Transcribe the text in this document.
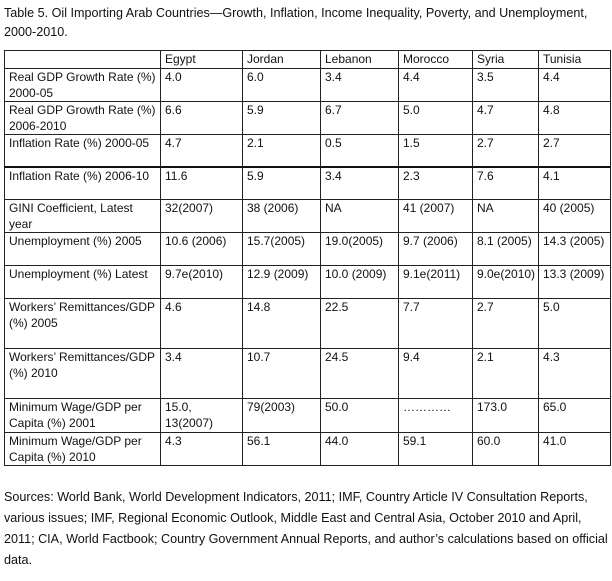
Table 5. Oil Importing Arab Countries—Growth, Inflation, Income Inequality, Poverty, and Unemployment, 2000-2010.
	Egypt	Jordan	Lebanon	Morocco	Syria	Tunisia
Real GDP Growth Rate (%) 2000-05	4.0	6.0	3.4	4.4	3.5	4.4
Real GDP Growth Rate (%) 2006-2010	6.6	5.9	6.7	5.0	4.7	4.8
Inflation Rate (%) 2000-05	4.7	2.1	0.5	1.5	2.7	2.7
Inflation Rate (%) 2006-10	11.6	5.9	3.4	2.3	7.6	4.1
GINI Coefficient, Latest year	32(2007)	38 (2006)	NA	41 (2007)	NA	40 (2005)
Unemployment (%) 2005	10.6 (2006)	15.7(2005)	19.0(2005)	9.7 (2006)	8.1 (2005)	14.3 (2005)
Unemployment (%) Latest	9.7e(2010)	12.9 (2009)	10.0 (2009)	9.1e(2011)	9.0e(2010)	13.3 (2009)
Workers’ Remittances/GDP (%) 2005	4.6	14.8	22.5	7.7	2.7	5.0
Workers’ Remittances/GDP (%) 2010	3.4	10.7	24.5	9.4	2.1	4.3
Minimum Wage/GDP per Capita (%) 2001	15.0, 13(2007)	79(2003)	50.0	…………	173.0	65.0
Minimum Wage/GDP per Capita (%) 2010	4.3	56.1	44.0	59.1	60.0	41.0
Sources: World Bank, World Development Indicators, 2011; IMF, Country Article IV Consultation Reports, various issues; IMF, Regional Economic Outlook, Middle East and Central Asia, October 2010 and April, 2011; CIA, World Factbook; Country Government Annual Reports, and author’s calculations based on official data.
